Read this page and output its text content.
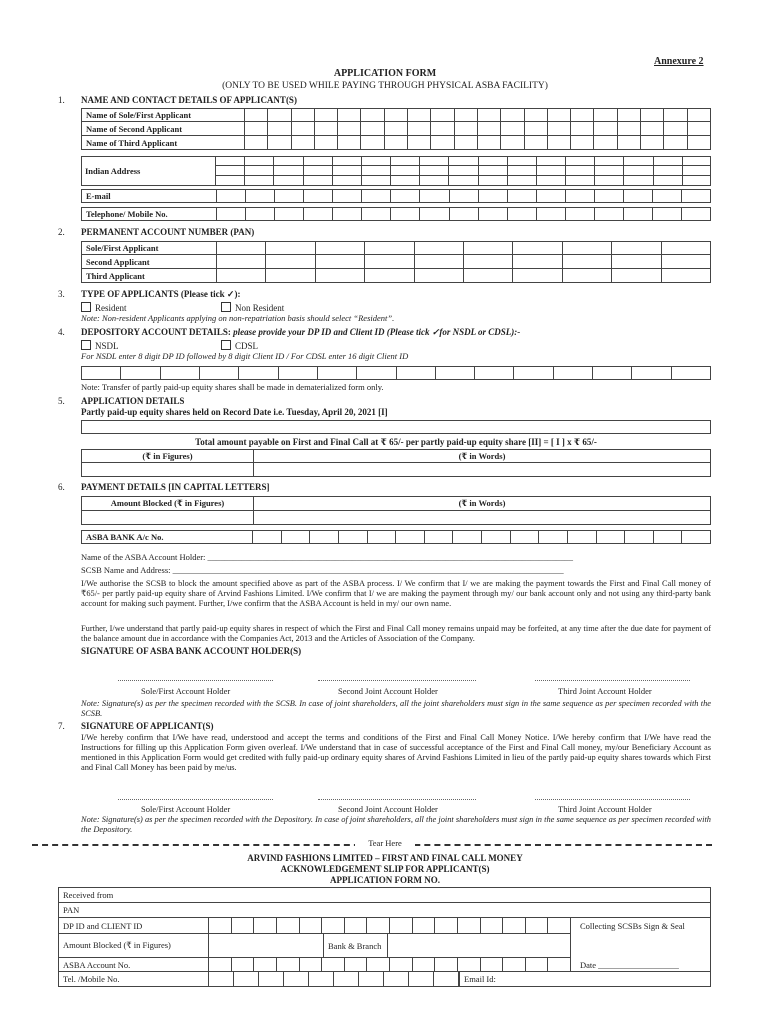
Annexure 2
APPLICATION FORM
(ONLY TO BE USED WHILE PAYING THROUGH PHYSICAL ASBA FACILITY)
1. NAME AND CONTACT DETAILS OF APPLICANT(S)
Name of Sole/First Applicant
Name of Second Applicant
Name of Third Applicant
Indian Address
E-mail
Telephone/ Mobile No.
2. PERMANENT ACCOUNT NUMBER (PAN)
Sole/First Applicant
Second Applicant
Third Applicant
3. TYPE OF APPLICANTS (Please tick ✓):
Resident	Non Resident
Note: Non-resident Applicants applying on non-repatriation basis should select “Resident”.
4. DEPOSITORY ACCOUNT DETAILS: please provide your DP ID and Client ID (Please tick ✓for NSDL or CDSL):-
NSDL	CDSL
For NSDL enter 8 digit DP ID followed by 8 digit Client ID / For CDSL enter 16 digit Client ID
Note: Transfer of partly paid-up equity shares shall be made in dematerialized form only.
5. APPLICATION DETAILS
Partly paid-up equity shares held on Record Date i.e. Tuesday, April 20, 2021 [I]
Total amount payable on First and Final Call at ₹ 65/- per partly paid-up equity share [II] = [ I ] x ₹ 65/-
(₹ in Figures)	(₹ in Words)
6. PAYMENT DETAILS [IN CAPITAL LETTERS]
Amount Blocked (₹ in Figures)	(₹ in Words)
ASBA BANK A/c No.
Name of the ASBA Account Holder: ______________________________________________________________________________________
SCSB Name and Address: ____________________________________________________________________________________________
I/We authorise the SCSB to block the amount specified above as part of the ASBA process. I/ We confirm that I/ we are making the payment towards the First and Final Call money of ₹65/- per partly paid-up equity share of Arvind Fashions Limited. I/We confirm that I/ we are making the payment through my/ our bank account only and not using any third-party bank account for making such payment. Further, I/we confirm that the ASBA Account is held in my/ our own name.
Further, I/we understand that partly paid-up equity shares in respect of which the First and Final Call money remains unpaid may be forfeited, at any time after the due date for payment of the balance amount due in accordance with the Companies Act, 2013 and the Articles of Association of the Company.
SIGNATURE OF ASBA BANK ACCOUNT HOLDER(S)
Sole/First Account Holder	Second Joint Account Holder	Third Joint Account Holder
Note: Signature(s) as per the specimen recorded with the SCSB. In case of joint shareholders, all the joint shareholders must sign in the same sequence as per specimen recorded with the SCSB.
7. SIGNATURE OF APPLICANT(S)
I/We hereby confirm that I/We have read, understood and accept the terms and conditions of the First and Final Call Money Notice. I/We hereby confirm that I/We have read the Instructions for filling up this Application Form given overleaf. I/We understand that in case of successful acceptance of the First and Final Call money, my/our Beneficiary Account as mentioned in this Application Form would get credited with fully paid-up ordinary equity shares of Arvind Fashions Limited in lieu of the partly paid-up equity shares towards which First and Final Call Money has been paid by me/us.
Sole/First Account Holder	Second Joint Account Holder	Third Joint Account Holder
Note: Signature(s) as per the specimen recorded with the Depository. In case of joint shareholders, all the joint shareholders must sign in the same sequence as per specimen recorded with the Depository.
Tear Here
ARVIND FASHIONS LIMITED – FIRST AND FINAL CALL MONEY
ACKNOWLEDGEMENT SLIP FOR APPLICANT(S)
APPLICATION FORM NO.
Received from
PAN
DP ID and CLIENT ID	Collecting SCSBs Sign & Seal
Date ___________________
Amount Blocked (₹ in Figures)	Bank & Branch
ASBA Account No.
Tel. /Mobile No.	Email Id:
